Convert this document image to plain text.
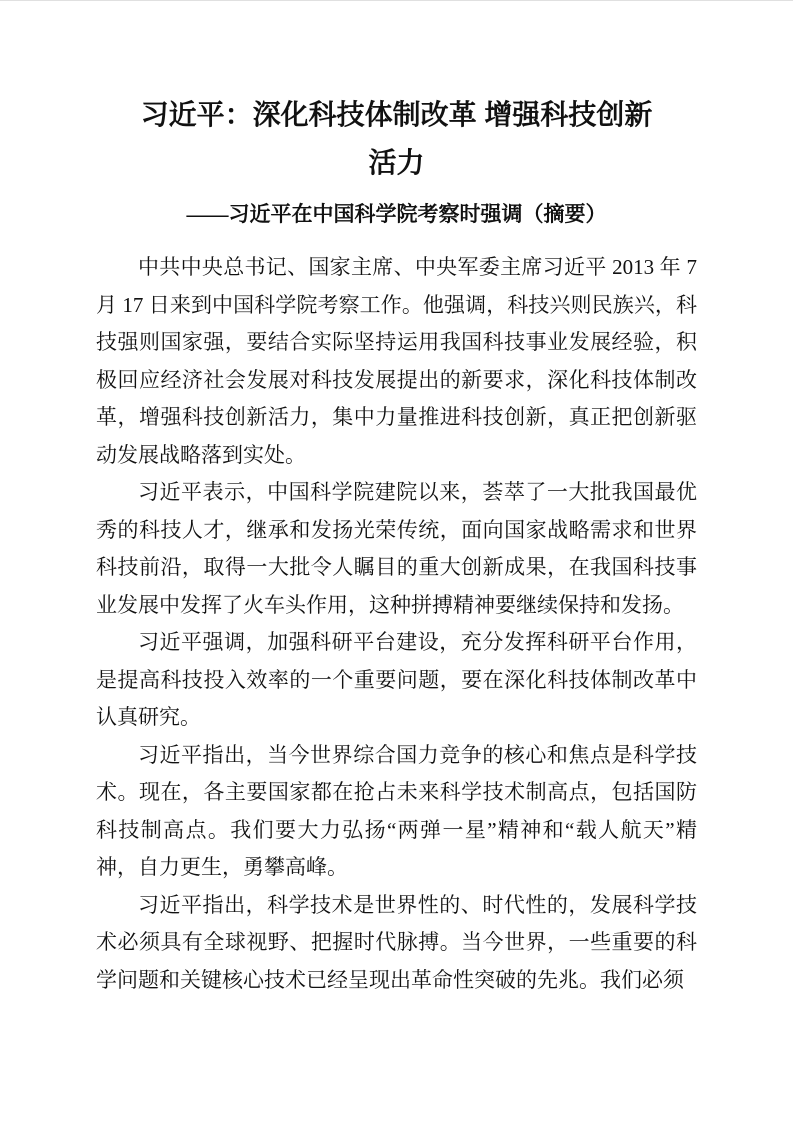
习近平：深化科技体制改革 增强科技创新
活力
——习近平在中国科学院考察时强调（摘要）

中共中央总书记、国家主席、中央军委主席习近平 2013 年 7 月 17 日来到中国科学院考察工作。他强调，科技兴则民族兴，科技强则国家强，要结合实际坚持运用我国科技事业发展经验，积极回应经济社会发展对科技发展提出的新要求，深化科技体制改革，增强科技创新活力，集中力量推进科技创新，真正把创新驱动发展战略落到实处。

习近平表示，中国科学院建院以来，荟萃了一大批我国最优秀的科技人才，继承和发扬光荣传统，面向国家战略需求和世界科技前沿，取得一大批令人瞩目的重大创新成果，在我国科技事业发展中发挥了火车头作用，这种拼搏精神要继续保持和发扬。

习近平强调，加强科研平台建设，充分发挥科研平台作用，是提高科技投入效率的一个重要问题，要在深化科技体制改革中认真研究。

习近平指出，当今世界综合国力竞争的核心和焦点是科学技术。现在，各主要国家都在抢占未来科学技术制高点，包括国防科技制高点。我们要大力弘扬“两弹一星”精神和“载人航天”精神，自力更生，勇攀高峰。

习近平指出，科学技术是世界性的、时代性的，发展科学技术必须具有全球视野、把握时代脉搏。当今世界，一些重要的科学问题和关键核心技术已经呈现出革命性突破的先兆。我们必须
